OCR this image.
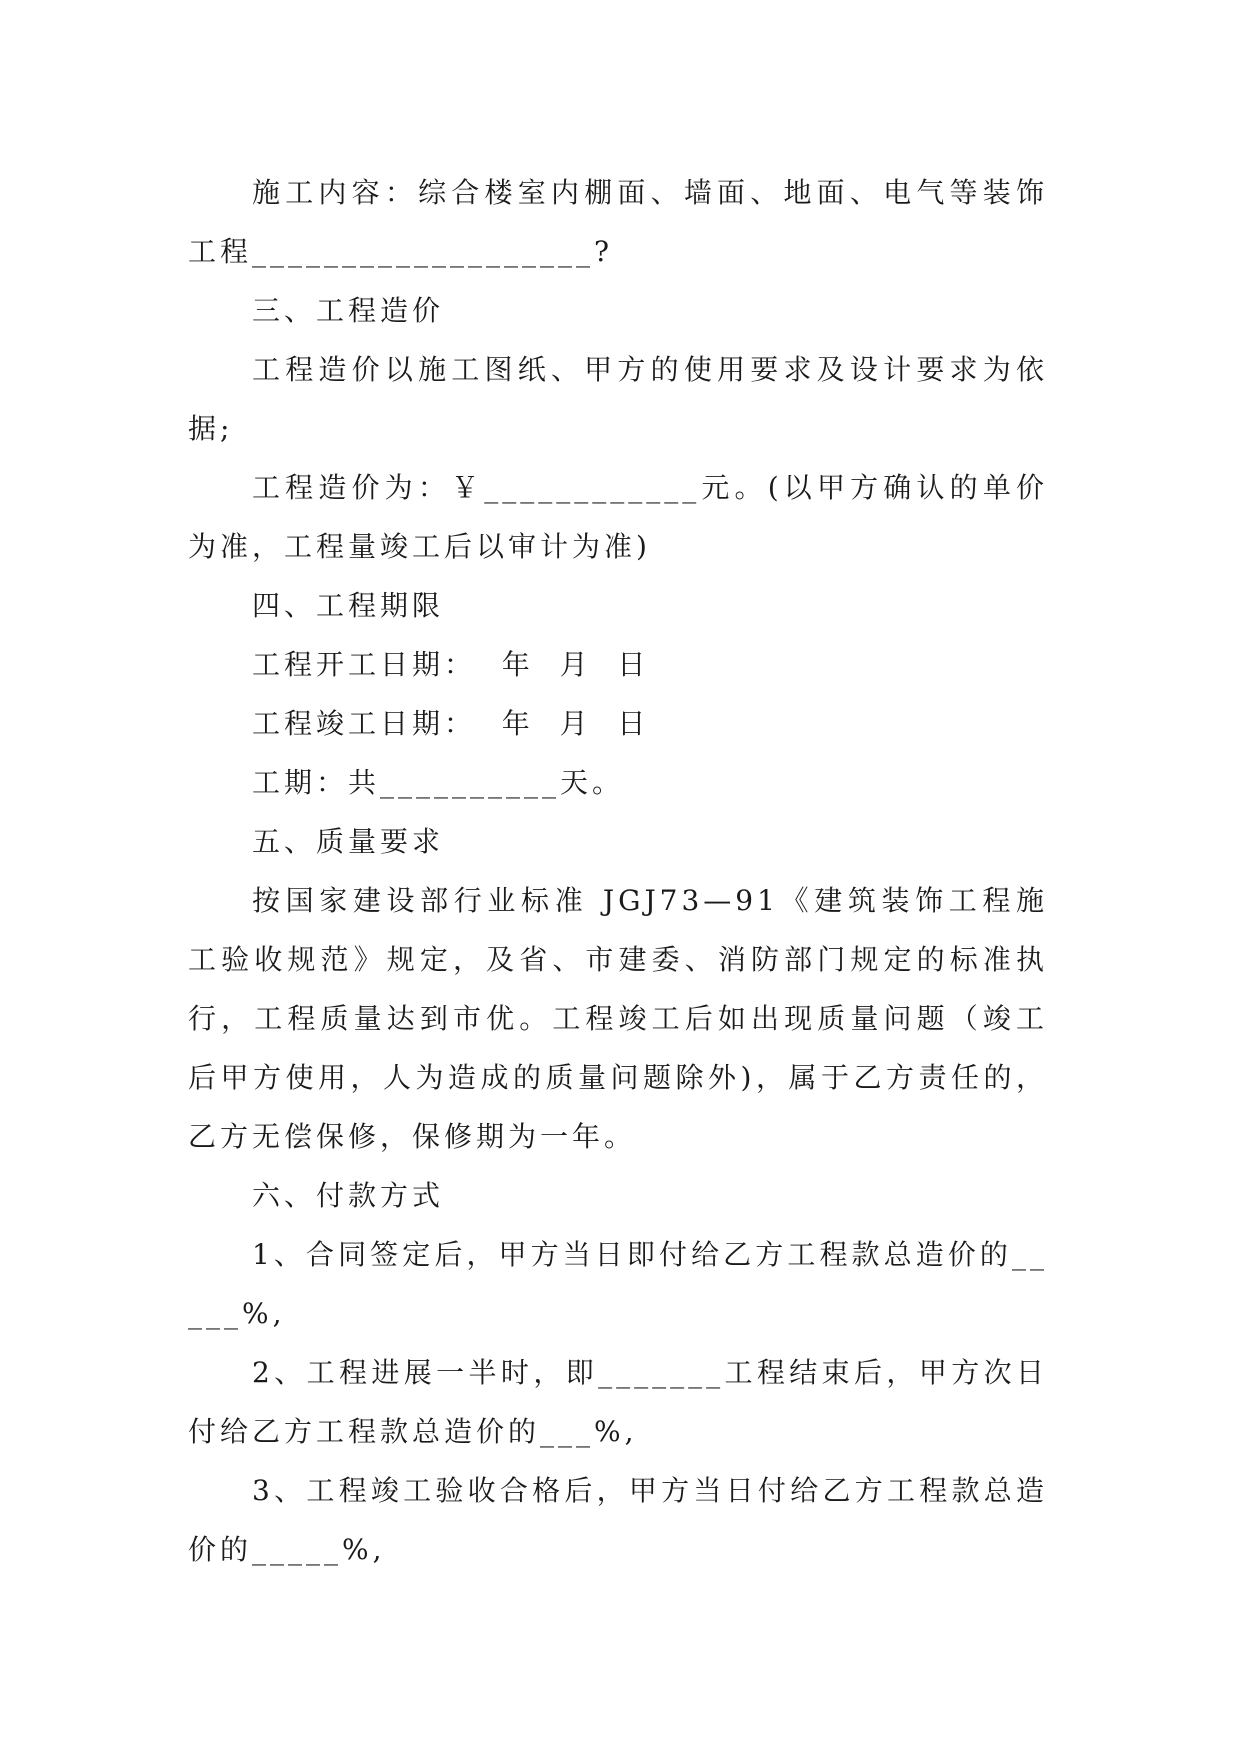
施工内容：综合楼室内棚面、墙面、地面、电气等装饰工程___________________?

三、工程造价

工程造价以施工图纸、甲方的使用要求及设计要求为依据;

工程造价为：￥____________元。(以甲方确认的单价为准，工程量竣工后以审计为准)

四、工程期限

工程开工日期：  年  月  日

工程竣工日期：  年  月  日

工期：共__________天。

五、质量要求

按国家建设部行业标准 JGJ73—91《建筑装饰工程施工验收规范》规定，及省、市建委、消防部门规定的标准执行，工程质量达到市优。工程竣工后如出现质量问题（竣工后甲方使用，人为造成的质量问题除外)，属于乙方责任的，乙方无偿保修，保修期为一年。

六、付款方式

1、合同签定后，甲方当日即付给乙方工程款总造价的_____%,

2、工程进展一半时，即_______工程结束后，甲方次日付给乙方工程款总造价的___%,

3、工程竣工验收合格后，甲方当日付给乙方工程款总造价的_____%,
